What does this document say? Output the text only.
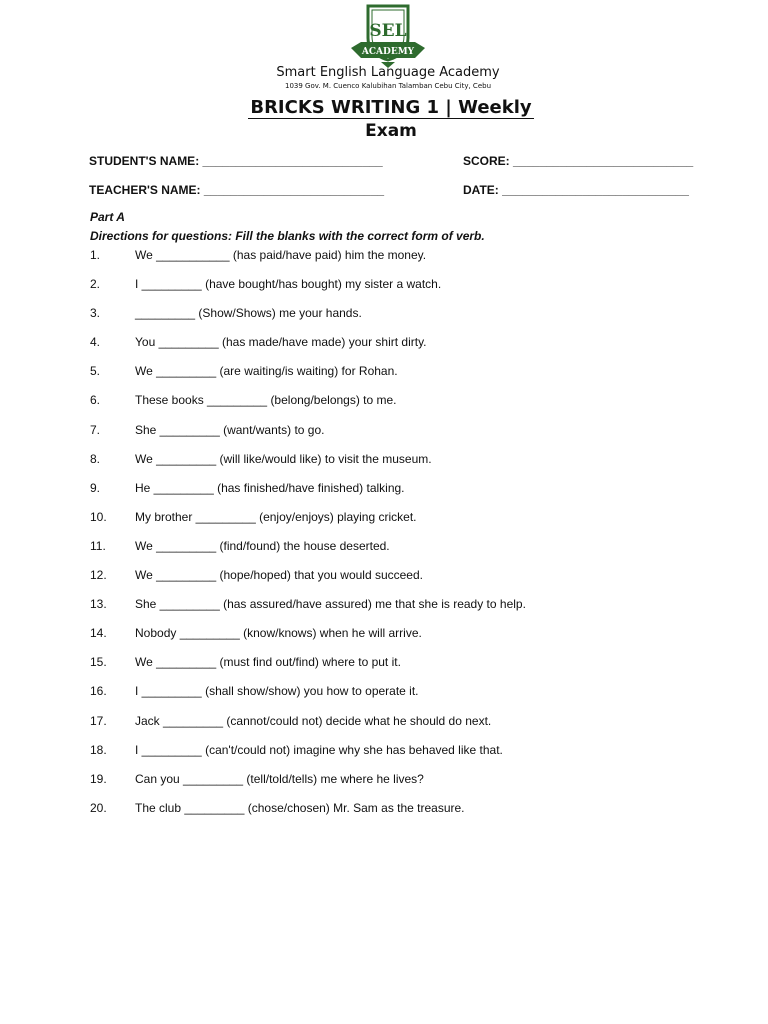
SEL
ACADEMY
Smart English Language Academy
1039 Gov. M. Cuenco Kalubihan Talamban Cebu City, Cebu
BRICKS WRITING 1 | Weekly
Exam
STUDENT'S NAME: ___________________________	SCORE: ___________________________
TEACHER'S NAME: ___________________________	DATE: ____________________________
Part A
Directions for questions: Fill the blanks with the correct form of verb.
1.	We ___________ (has paid/have paid) him the money.
2.	I _________ (have bought/has bought) my sister a watch.
3.	_________ (Show/Shows) me your hands.
4.	You _________ (has made/have made) your shirt dirty.
5.	We _________ (are waiting/is waiting) for Rohan.
6.	These books _________ (belong/belongs) to me.
7.	She _________ (want/wants) to go.
8.	We _________ (will like/would like) to visit the museum.
9.	He _________ (has finished/have finished) talking.
10.	My brother _________ (enjoy/enjoys) playing cricket.
11.	We _________ (find/found) the house deserted.
12.	We _________ (hope/hoped) that you would succeed.
13.	She _________ (has assured/have assured) me that she is ready to help.
14.	Nobody _________ (know/knows) when he will arrive.
15.	We _________ (must find out/find) where to put it.
16.	I _________ (shall show/show) you how to operate it.
17.	Jack _________ (cannot/could not) decide what he should do next.
18.	I _________ (can't/could not) imagine why she has behaved like that.
19.	Can you _________ (tell/told/tells) me where he lives?
20.	The club _________ (chose/chosen) Mr. Sam as the treasure.
